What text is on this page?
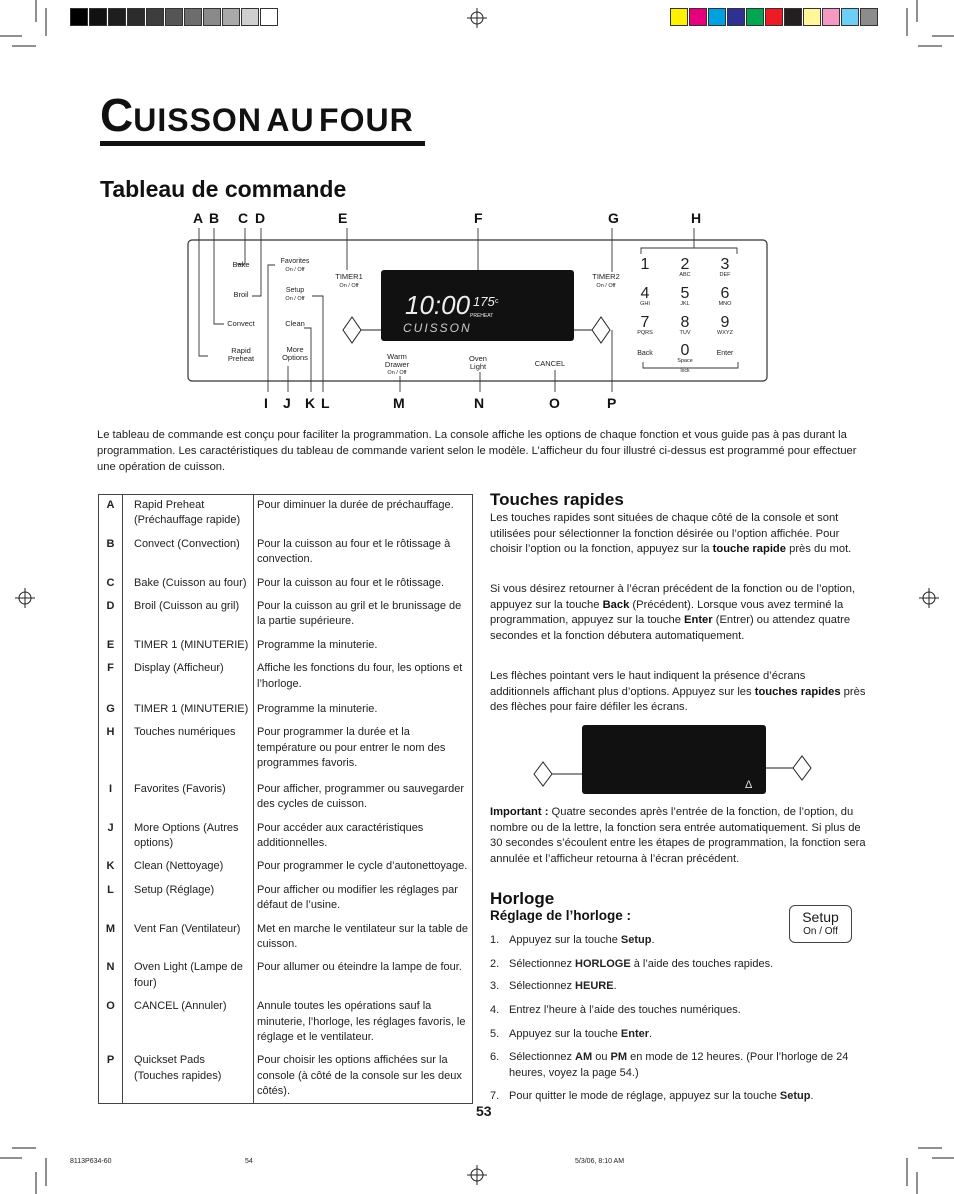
CUISSON AU FOUR
Tableau de commande
A B C D	E	F	G	H
I J K L	M	N	O	P
Bake
Broil
Convect
Rapid
Preheat
Favorites
On / Off
Setup
On / Off
Clean
More
Options
TIMER1
On / Off
TIMER2
On / Off
10:00 175 c
PREHEAT
CUISSON
Warm
Drawer
On / Off
Oven
Light	CANCEL
1 2
ABC
3
DEF
4
GHI
5
JKL
6
MNO
7
PQRS
8
TUV
9
WXYZ
Back 0
Space
Enter
lock
Le tableau de commande est conçu pour faciliter la programmation. La console affiche les options de chaque fonction et vous guide pas à pas durant la programmation. Les caractéristiques du tableau de commande varient selon le modèle. L’afficheur du four illustré ci-dessus est programmé pour effectuer une opération de cuisson.
A	Rapid Preheat (Préchauffage rapide)	Pour diminuer la durée de préchauffage.
B	Convect (Convection)	Pour la cuisson au four et le rôtissage à convection.
C	Bake (Cuisson au four)	Pour la cuisson au four et le rôtissage.
D	Broil (Cuisson au gril)	Pour la cuisson au gril et le brunissage de la partie supérieure.
E	TIMER 1 (MINUTERIE)	Programme la minuterie.
F	Display (Afficheur)	Affiche les fonctions du four, les options et l’horloge.
G	TIMER 1 (MINUTERIE)	Programme la minuterie.
H	Touches numériques	Pour programmer la durée et la température ou pour entrer le nom des programmes favoris.
I	Favorites (Favoris)	Pour afficher, programmer ou sauvegarder des cycles de cuisson.
J	More Options (Autres options)	Pour accéder aux caractéristiques additionnelles.
K	Clean (Nettoyage)	Pour programmer le cycle d’autonettoyage.
L	Setup (Réglage)	Pour afficher ou modifier les réglages par défaut de l’usine.
M	Vent Fan (Ventilateur)	Met en marche le ventilateur sur la table de cuisson.
N	Oven Light (Lampe de four)	Pour allumer ou éteindre la lampe de four.
O	CANCEL (Annuler)	Annule toutes les opérations sauf la minuterie, l’horloge, les réglages favoris, le réglage et le ventilateur.
P	Quickset Pads (Touches rapides)	Pour choisir les options affichées sur la console (à côté de la console sur les deux côtés).
Touches rapides
Les touches rapides sont situées de chaque côté de la console et sont utilisées pour sélectionner la fonction désirée ou l’option affichée. Pour choisir l’option ou la fonction, appuyez sur la touche rapide près du mot.
Si vous désirez retourner à l’écran précédent de la fonction ou de l’option, appuyez sur la touche Back (Précédent). Lorsque vous avez terminé la programmation, appuyez sur la touche Enter (Entrer) ou attendez quatre secondes et la fonction débutera automatiquement.
Les flèches pointant vers le haut indiquent la présence d’écrans additionnels affichant plus d’options. Appuyez sur les touches rapides près des flèches pour faire défiler les écrans.
Δ
Important : Quatre secondes après l’entrée de la fonction, de l’option, du nombre ou de la lettre, la fonction sera entrée automatiquement. Si plus de 30 secondes s’écoulent entre les étapes de programmation, la fonction sera annulée et l’afficheur retourna à l’écran précédent.
Horloge
Réglage de l’horloge :	Setup
On / Off
1. Appuyez sur la touche Setup.
2. Sélectionnez HORLOGE à l’aide des touches rapides.
3. Sélectionnez HEURE.
4. Entrez l’heure à l’aide des touches numériques.
5. Appuyez sur la touche Enter.
6. Sélectionnez AM ou PM en mode de 12 heures. (Pour l’horloge de 24 heures, voyez la page 54.)
7. Pour quitter le mode de réglage, appuyez sur la touche Setup.
53
8113P634-60	54	5/3/06, 8:10 AM
